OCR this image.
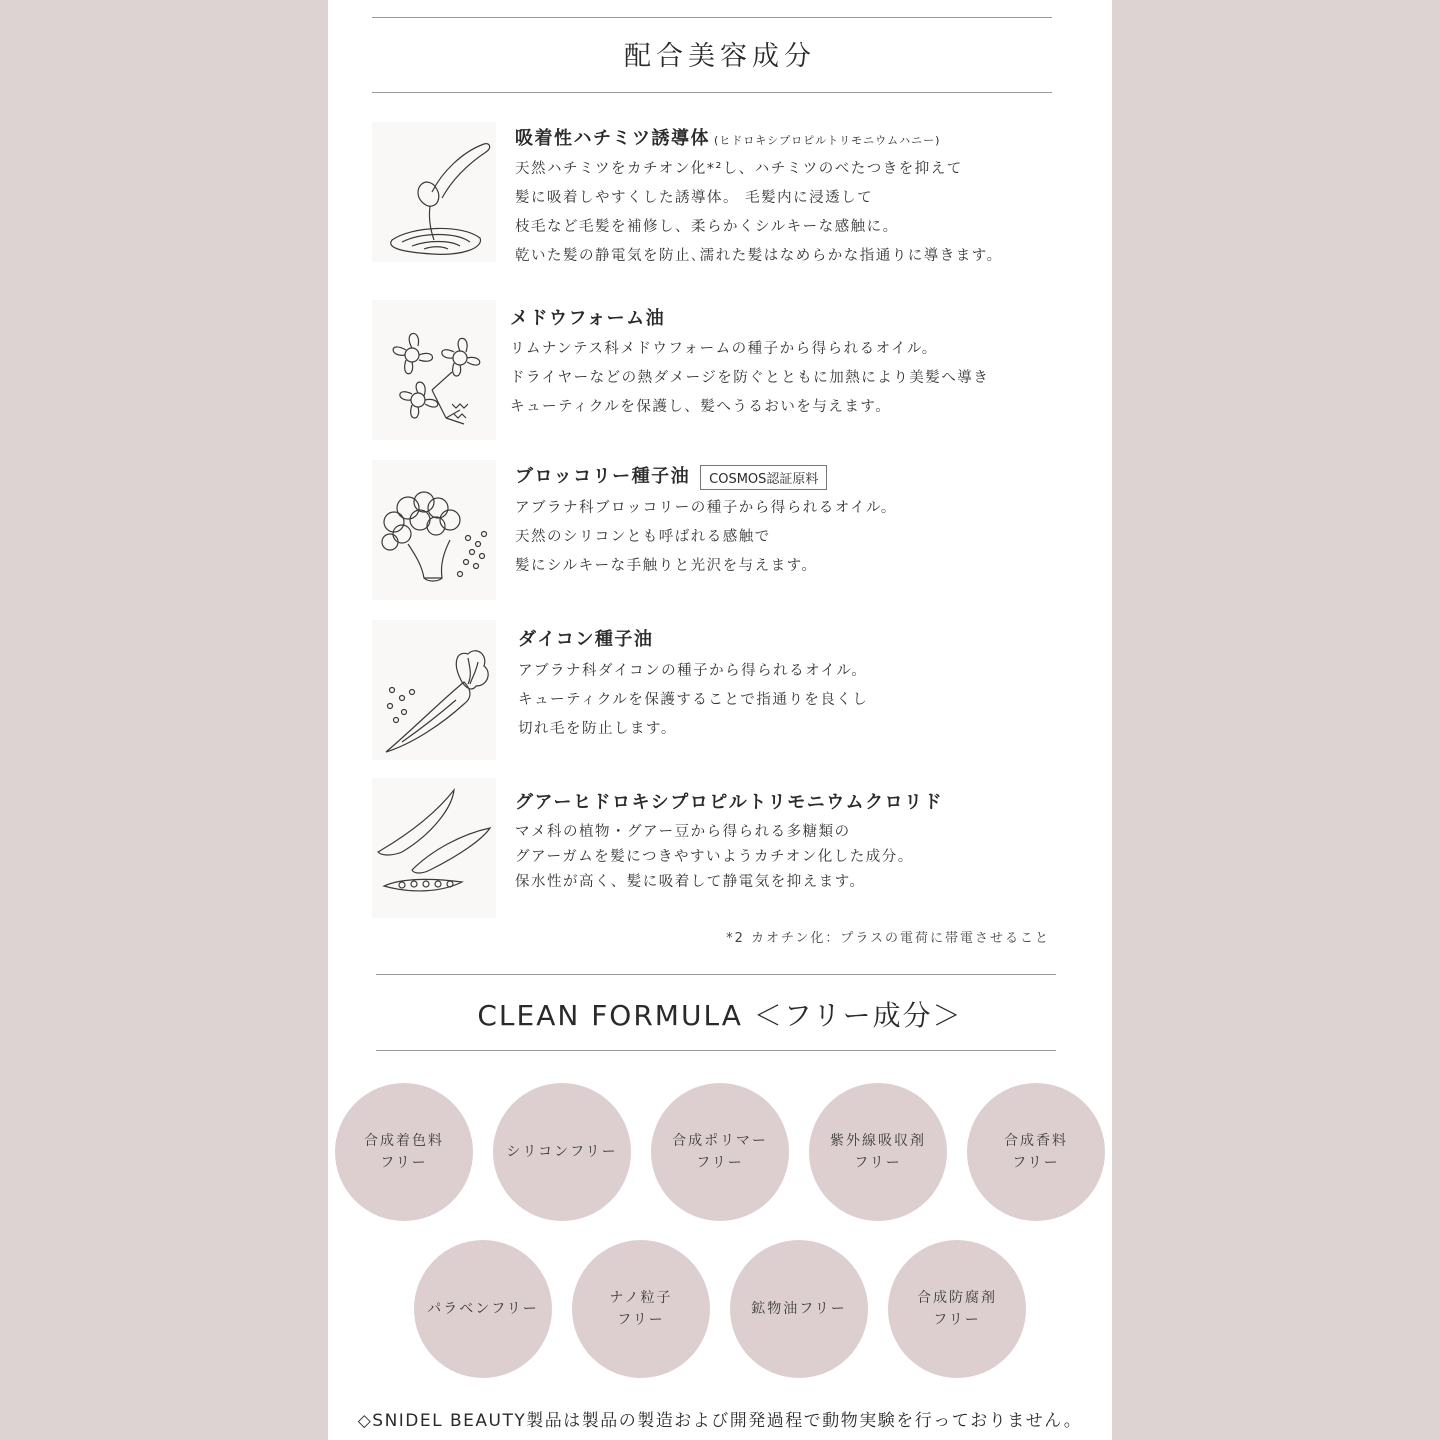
配合美容成分
吸着性ハチミツ誘導体 (ヒドロキシプロピルトリモニウムハニー)
天然ハチミツをカチオン化*²し、ハチミツのべたつきを抑えて
髪に吸着しやすくした誘導体。 毛髪内に浸透して
枝毛など毛髪を補修し、柔らかくシルキーな感触に。
乾いた髪の静電気を防止､濡れた髪はなめらかな指通りに導きます。
メドウフォーム油
リムナンテス科メドウフォームの種子から得られるオイル。
ドライヤーなどの熱ダメージを防ぐとともに加熱により美髪へ導き
キューティクルを保護し、髪へうるおいを与えます。
ブロッコリー種子油 COSMOS認証原料
アブラナ科ブロッコリーの種子から得られるオイル。
天然のシリコンとも呼ばれる感触で
髪にシルキーな手触りと光沢を与えます。
ダイコン種子油
アブラナ科ダイコンの種子から得られるオイル。
キューティクルを保護することで指通りを良くし
切れ毛を防止します。
グアーヒドロキシプロピルトリモニウムクロリド
マメ科の植物・グアー豆から得られる多糖類の
グアーガムを髪につきやすいようカチオン化した成分。
保水性が高く、髪に吸着して静電気を抑えます。
*2 カオチン化：プラスの電荷に帯電させること
CLEAN FORMULA ＜フリー成分＞
合成着色料
フリー
シリコンフリー
合成ポリマー
フリー
紫外線吸収剤
フリー
合成香料
フリー
パラベンフリー
ナノ粒子
フリー
鉱物油フリー
合成防腐剤
フリー
◇SNIDEL BEAUTY製品は製品の製造および開発過程で動物実験を行っておりません。
